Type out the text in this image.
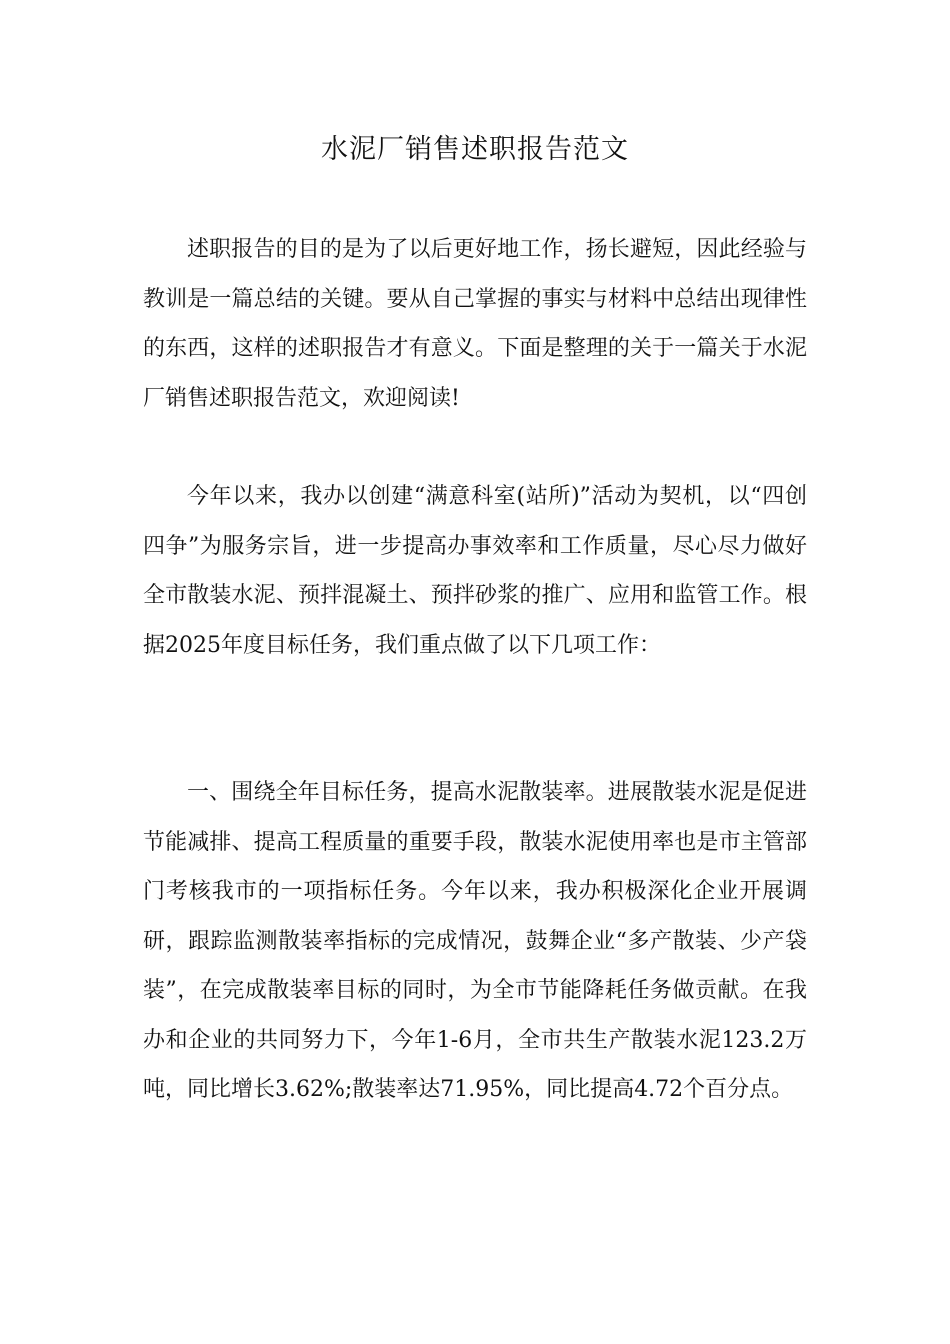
水泥厂销售述职报告范文

述职报告的目的是为了以后更好地工作，扬长避短，因此经验与教训是一篇总结的关键。要从自己掌握的事实与材料中总结出现律性的东西，这样的述职报告才有意义。下面是整理的关于一篇关于水泥厂销售述职报告范文，欢迎阅读!

今年以来，我办以创建“满意科室(站所)”活动为契机，以“四创四争”为服务宗旨，进一步提高办事效率和工作质量，尽心尽力做好全市散装水泥、预拌混凝土、预拌砂浆的推广、应用和监管工作。根据2025年度目标任务，我们重点做了以下几项工作：

一、围绕全年目标任务，提高水泥散装率。进展散装水泥是促进节能减排、提高工程质量的重要手段，散装水泥使用率也是市主管部门考核我市的一项指标任务。今年以来，我办积极深化企业开展调研，跟踪监测散装率指标的完成情况，鼓舞企业“多产散装、少产袋装”，在完成散装率目标的同时，为全市节能降耗任务做贡献。在我办和企业的共同努力下，今年1-6月，全市共生产散装水泥123.2万吨，同比增长3.62%;散装率达71.95%，同比提高4.72个百分点。
